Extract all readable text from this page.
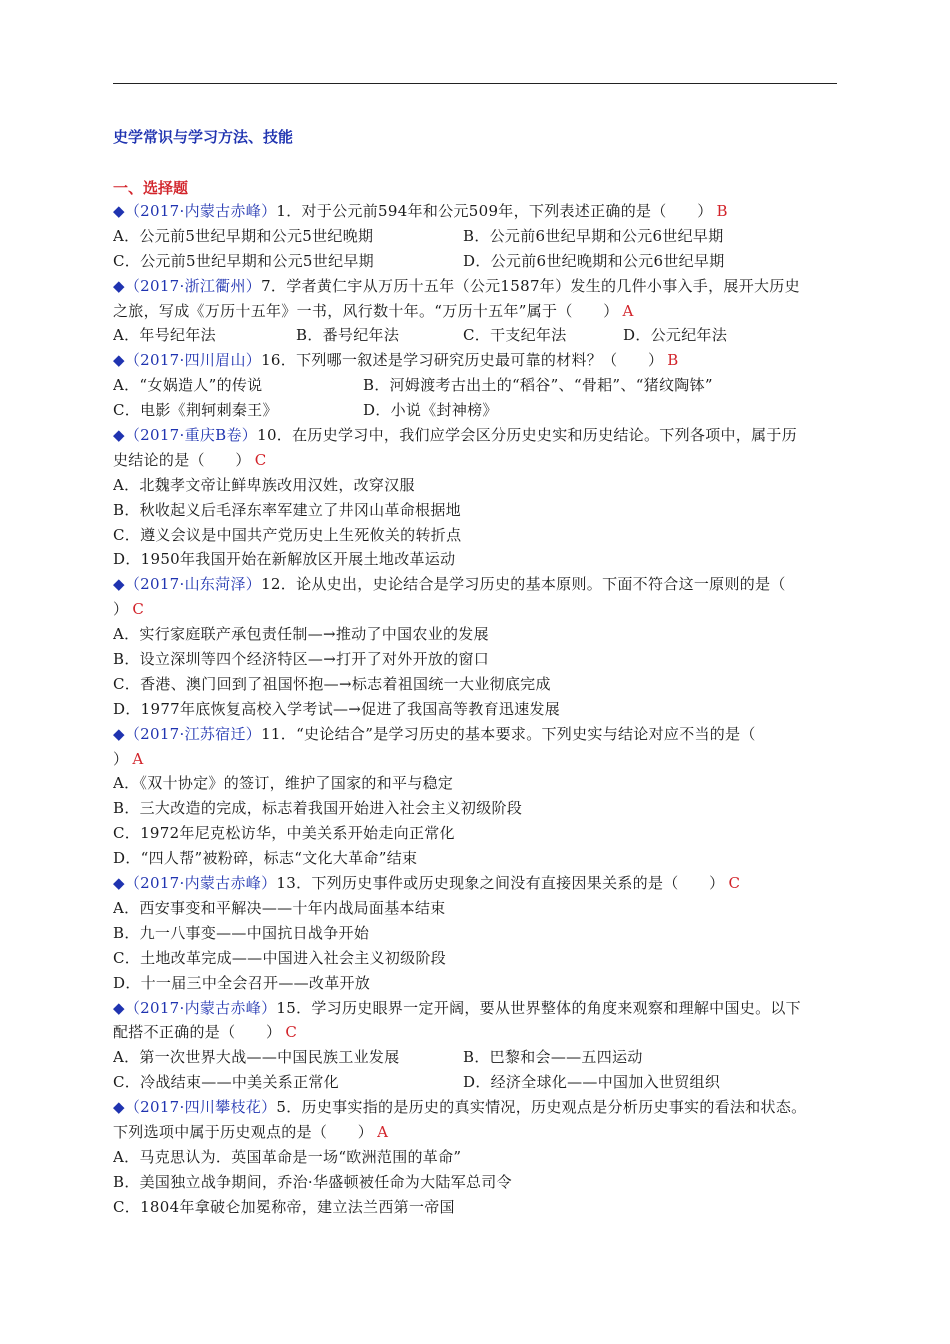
史学常识与学习方法、技能
一、选择题
◆（2017·内蒙古赤峰）1．对于公元前594年和公元509年，下列表述正确的是（　　） B
A．公元前5世纪早期和公元5世纪晚期	B．公元前6世纪早期和公元6世纪早期
C．公元前5世纪早期和公元5世纪早期	D．公元前6世纪晚期和公元6世纪早期
◆（2017·浙江衢州）7．学者黄仁宇从万历十五年（公元1587年）发生的几件小事入手，展开大历史
之旅，写成《万历十五年》一书，风行数十年。“万历十五年”属于（　　） A
A．年号纪年法	B．番号纪年法	C．干支纪年法	D．公元纪年法
◆（2017·四川眉山）16．下列哪一叙述是学习研究历史最可靠的材料？（　　） B
A．“女娲造人”的传说	B．河姆渡考古出土的“稻谷”、“骨耜”、“猪纹陶钵”
C．电影《荆轲刺秦王》	D．小说《封神榜》
◆（2017·重庆B卷）10．在历史学习中，我们应学会区分历史史实和历史结论。下列各项中，属于历
史结论的是（　　） C
A．北魏孝文帝让鲜卑族改用汉姓，改穿汉服
B．秋收起义后毛泽东率军建立了井冈山革命根据地
C．遵义会议是中国共产党历史上生死攸关的转折点
D．1950年我国开始在新解放区开展土地改革运动
◆（2017·山东菏泽）12．论从史出，史论结合是学习历史的基本原则。下面不符合这一原则的是（
） C
A．实行家庭联产承包责任制—→推动了中国农业的发展
B．设立深圳等四个经济特区—→打开了对外开放的窗口
C．香港、澳门回到了祖国怀抱—→标志着祖国统一大业彻底完成
D．1977年底恢复高校入学考试—→促进了我国高等教育迅速发展
◆（2017·江苏宿迁）11．“史论结合”是学习历史的基本要求。下列史实与结论对应不当的是（
） A
A．《双十协定》的签订，维护了国家的和平与稳定
B．三大改造的完成，标志着我国开始进入社会主义初级阶段
C．1972年尼克松访华，中美关系开始走向正常化
D．“四人帮”被粉碎，标志“文化大革命”结束
◆（2017·内蒙古赤峰）13．下列历史事件或历史现象之间没有直接因果关系的是（　　） C
A．西安事变和平解决——十年内战局面基本结束
B．九一八事变——中国抗日战争开始
C．土地改革完成——中国进入社会主义初级阶段
D．十一届三中全会召开——改革开放
◆（2017·内蒙古赤峰）15．学习历史眼界一定开阔，要从世界整体的角度来观察和理解中国史。以下
配搭不正确的是（　　） C
A．第一次世界大战——中国民族工业发展	B．巴黎和会——五四运动
C．冷战结束——中美关系正常化	D．经济全球化——中国加入世贸组织
◆（2017·四川攀枝花）5．历史事实指的是历史的真实情况，历史观点是分析历史事实的看法和状态。
下列选项中属于历史观点的是（　　） A
A．马克思认为．英国革命是一场“欧洲范围的革命”
B．美国独立战争期间，乔治·华盛顿被任命为大陆军总司令
C．1804年拿破仑加冕称帝，建立法兰西第一帝国
